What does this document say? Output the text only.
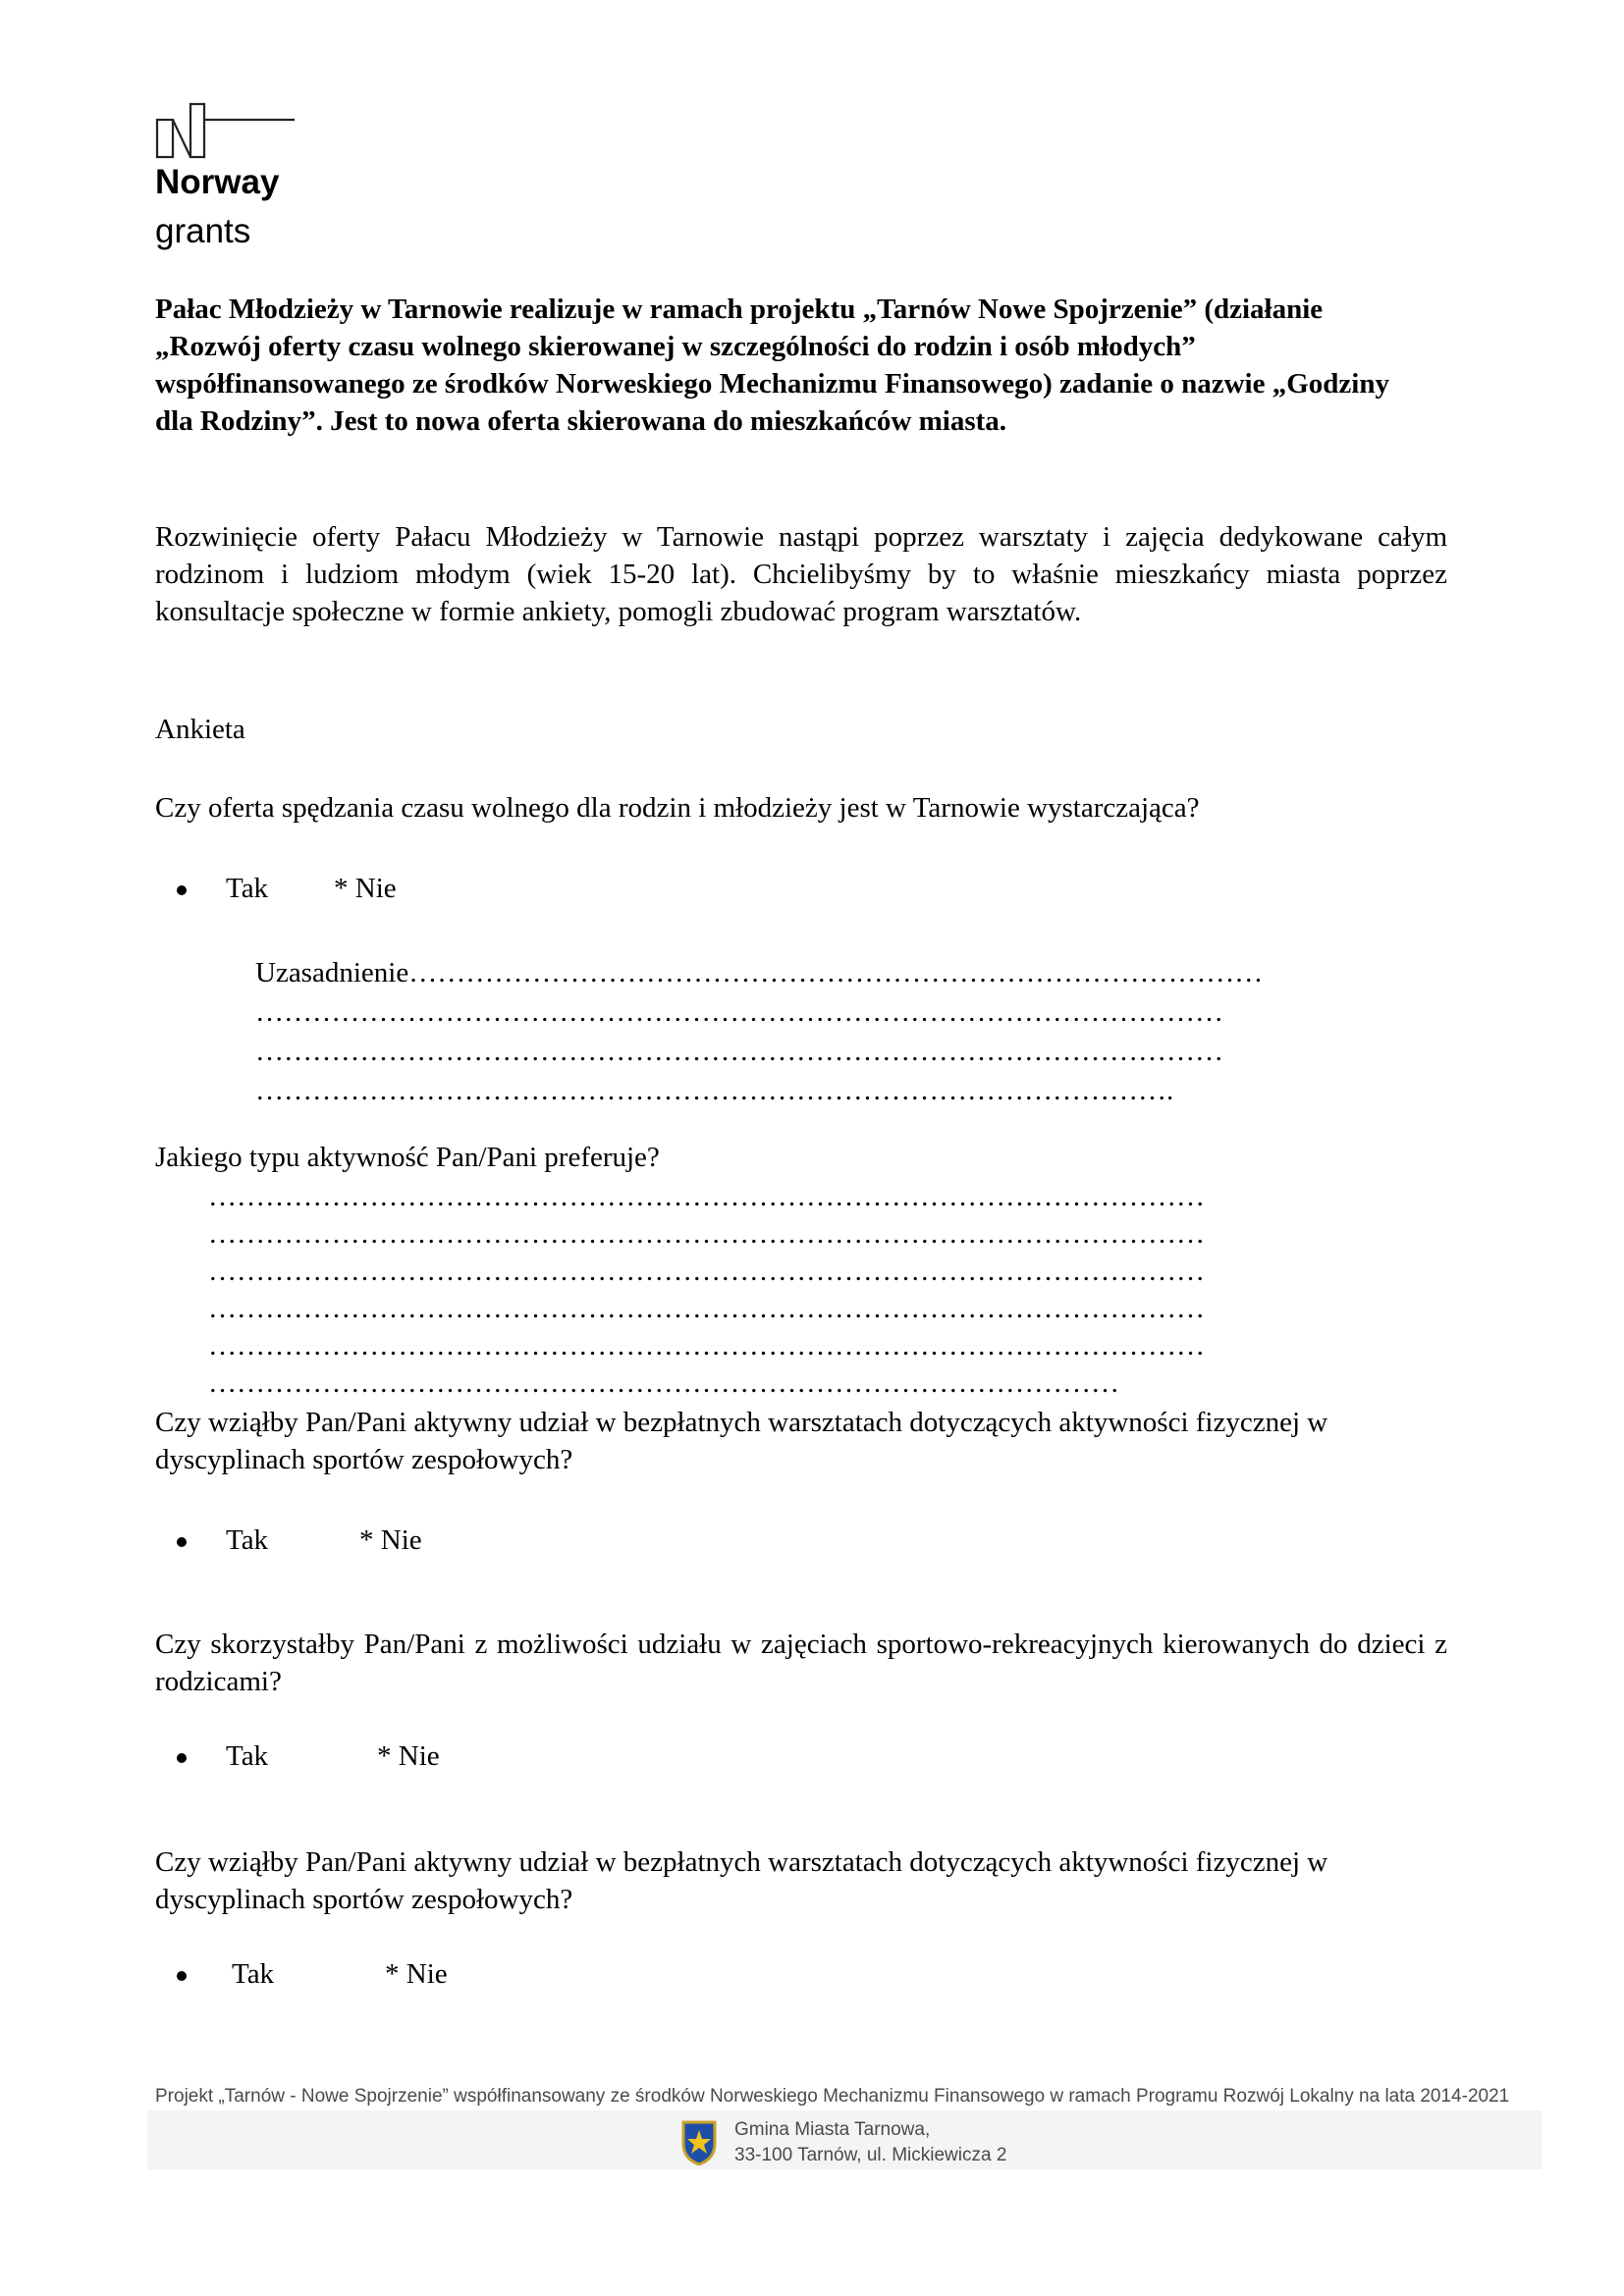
Norway
grants
Pałac Młodzieży w Tarnowie realizuje w ramach projektu „Tarnów Nowe Spojrzenie” (działanie „Rozwój oferty czasu wolnego skierowanej w szczególności do rodzin i osób młodych” współfinansowanego ze środków Norweskiego Mechanizmu Finansowego) zadanie o nazwie „Godziny dla Rodziny”. Jest to nowa oferta skierowana do mieszkańców miasta.
Rozwinięcie oferty Pałacu Młodzieży w Tarnowie nastąpi poprzez warsztaty i zajęcia dedykowane całym rodzinom i ludziom młodym (wiek 15-20 lat). Chcielibyśmy by to właśnie mieszkańcy miasta poprzez konsultacje społeczne w formie ankiety, pomogli zbudować program warsztatów.
Ankieta
Czy oferta spędzania czasu wolnego dla rodzin i młodzieży jest w Tarnowie wystarczająca?
Tak * Nie
Uzasadnienie………………………………………………………………………………
…………………………………………………………………………………………
…………………………………………………………………………………………
…………………………………………………………………………………….
Jakiego typu aktywność Pan/Pani preferuje?
……………………………………………………………………………………………
……………………………………………………………………………………………
……………………………………………………………………………………………
……………………………………………………………………………………………
……………………………………………………………………………………………
……………………………………………………………………………………
Czy wziąłby Pan/Pani aktywny udział w bezpłatnych warsztatach dotyczących aktywności fizycznej w dyscyplinach sportów zespołowych?
Tak	* Nie
Czy skorzystałby Pan/Pani z możliwości udziału w zajęciach sportowo-rekreacyjnych kierowanych do dzieci z rodzicami?
Tak	* Nie
Czy wziąłby Pan/Pani aktywny udział w bezpłatnych warsztatach dotyczących aktywności fizycznej w dyscyplinach sportów zespołowych?
Tak	* Nie
Projekt „Tarnów - Nowe Spojrzenie” współfinansowany ze środków Norweskiego Mechanizmu Finansowego w ramach Programu Rozwój Lokalny na lata 2014-2021
Gmina Miasta Tarnowa,
33-100 Tarnów, ul. Mickiewicza 2
